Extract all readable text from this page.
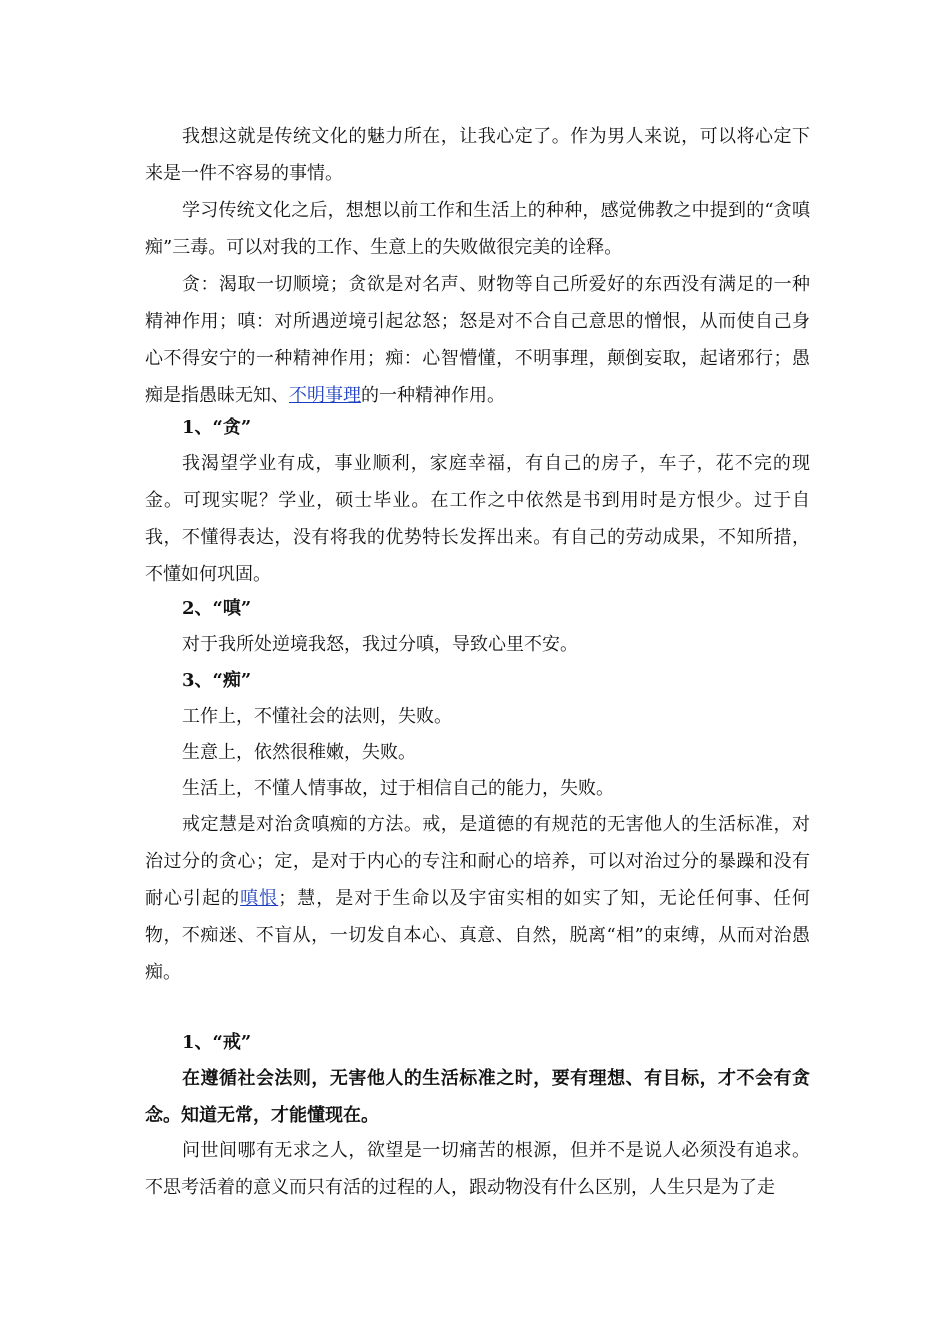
我想这就是传统文化的魅力所在，让我心定了。作为男人来说，可以将心定下来是一件不容易的事情。

学习传统文化之后，想想以前工作和生活上的种种，感觉佛教之中提到的“贪嗔痴”三毒。可以对我的工作、生意上的失败做很完美的诠释。

贪：渴取一切顺境；贪欲是对名声、财物等自己所爱好的东西没有满足的一种精神作用；嗔：对所遇逆境引起忿怒；怒是对不合自己意思的憎恨，从而使自己身心不得安宁的一种精神作用；痴：心智懵懂，不明事理，颠倒妄取，起诸邪行；愚痴是指愚昧无知、不明事理的一种精神作用。

1、“贪”

我渴望学业有成，事业顺利，家庭幸福，有自己的房子，车子，花不完的现金。可现实呢？学业，硕士毕业。在工作之中依然是书到用时是方恨少。过于自我，不懂得表达，没有将我的优势特长发挥出来。有自己的劳动成果，不知所措，不懂如何巩固。

2、“嗔”

对于我所处逆境我怒，我过分嗔，导致心里不安。

3、“痴”

工作上，不懂社会的法则，失败。

生意上，依然很稚嫩，失败。

生活上，不懂人情事故，过于相信自己的能力，失败。

戒定慧是对治贪嗔痴的方法。戒，是道德的有规范的无害他人的生活标准，对治过分的贪心；定，是对于内心的专注和耐心的培养，可以对治过分的暴躁和没有耐心引起的嗔恨；慧，是对于生命以及宇宙实相的如实了知，无论任何事、任何物，不痴迷、不盲从，一切发自本心、真意、自然，脱离“相”的束缚，从而对治愚痴。

1、“戒”

在遵循社会法则，无害他人的生活标准之时，要有理想、有目标，才不会有贪念。知道无常，才能懂现在。

问世间哪有无求之人，欲望是一切痛苦的根源，但并不是说人必须没有追求。不思考活着的意义而只有活的过程的人，跟动物没有什么区别，人生只是为了走
